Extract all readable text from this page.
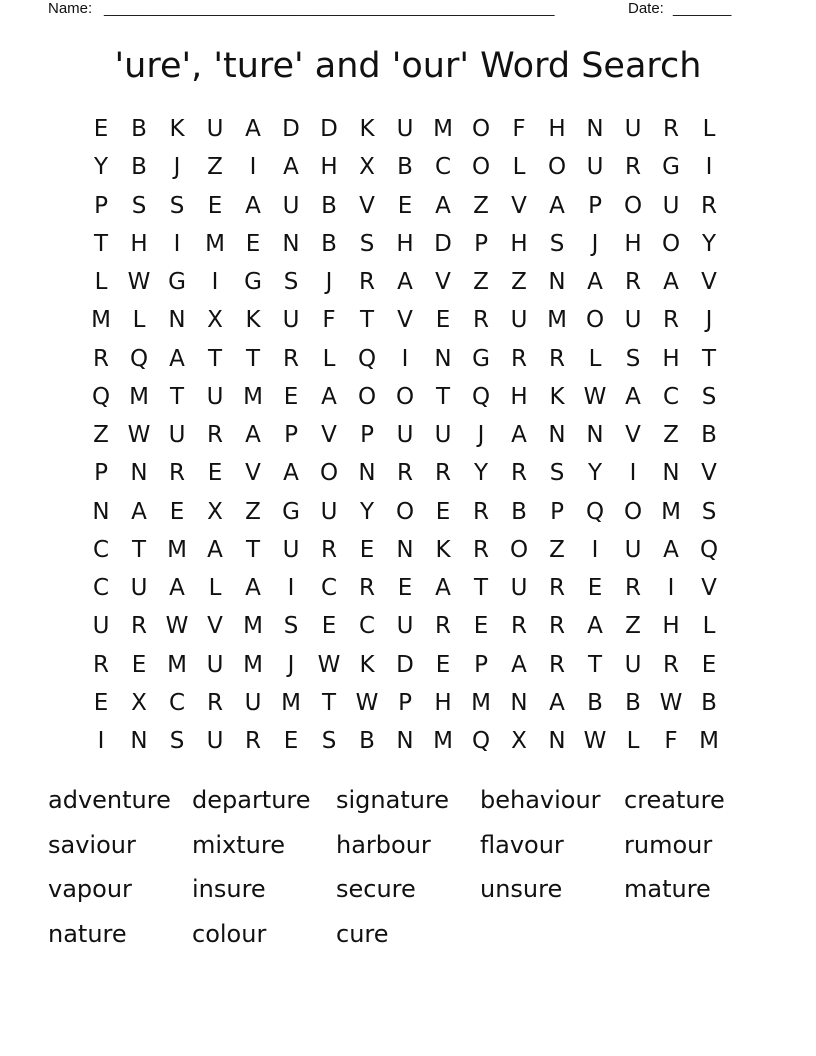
Name: ______________________________________________________	Date: _______
'ure', 'ture' and 'our' Word Search
E B K U A D D K U M O F H N U R	L
Y	B	J	Z	I	A H X B C O L O U R G	I
P	S	S	E A U B V E A Z V A	P O U R
T H	I	M E N B S H D P H S	J	H O Y
L W G	I	G S	J	R A V Z Z N A R A V
M L N X K U F	T	V E R U M O U R	J
R Q A	T	T R	L Q	I	N G R R	L	S H T
Q M T U M E A O O T Q H K W A C S
Z W U R A	P	V	P U U	J	A N N V Z B
P N R E V A O N R R Y R S	Y	I	N V
N A E X Z G U Y O E R B	P Q O M S
C T M A	T U R E N K R O Z	I	U A Q
C U A	L	A	I	C R E A	T U R E R	I	V
U R W V M S	E C U R E R R A Z H L
R E M U M	J	W K D E	P	A R T U R E
E X C R U M T W P H M N A B B W B
I	N S U R E	S B N M Q X N W L	F M
adventure departure	signature	behaviour creature
saviour	mixture	harbour	flavour	rumour
vapour	insure	secure	unsure	mature
nature	colour	cure
